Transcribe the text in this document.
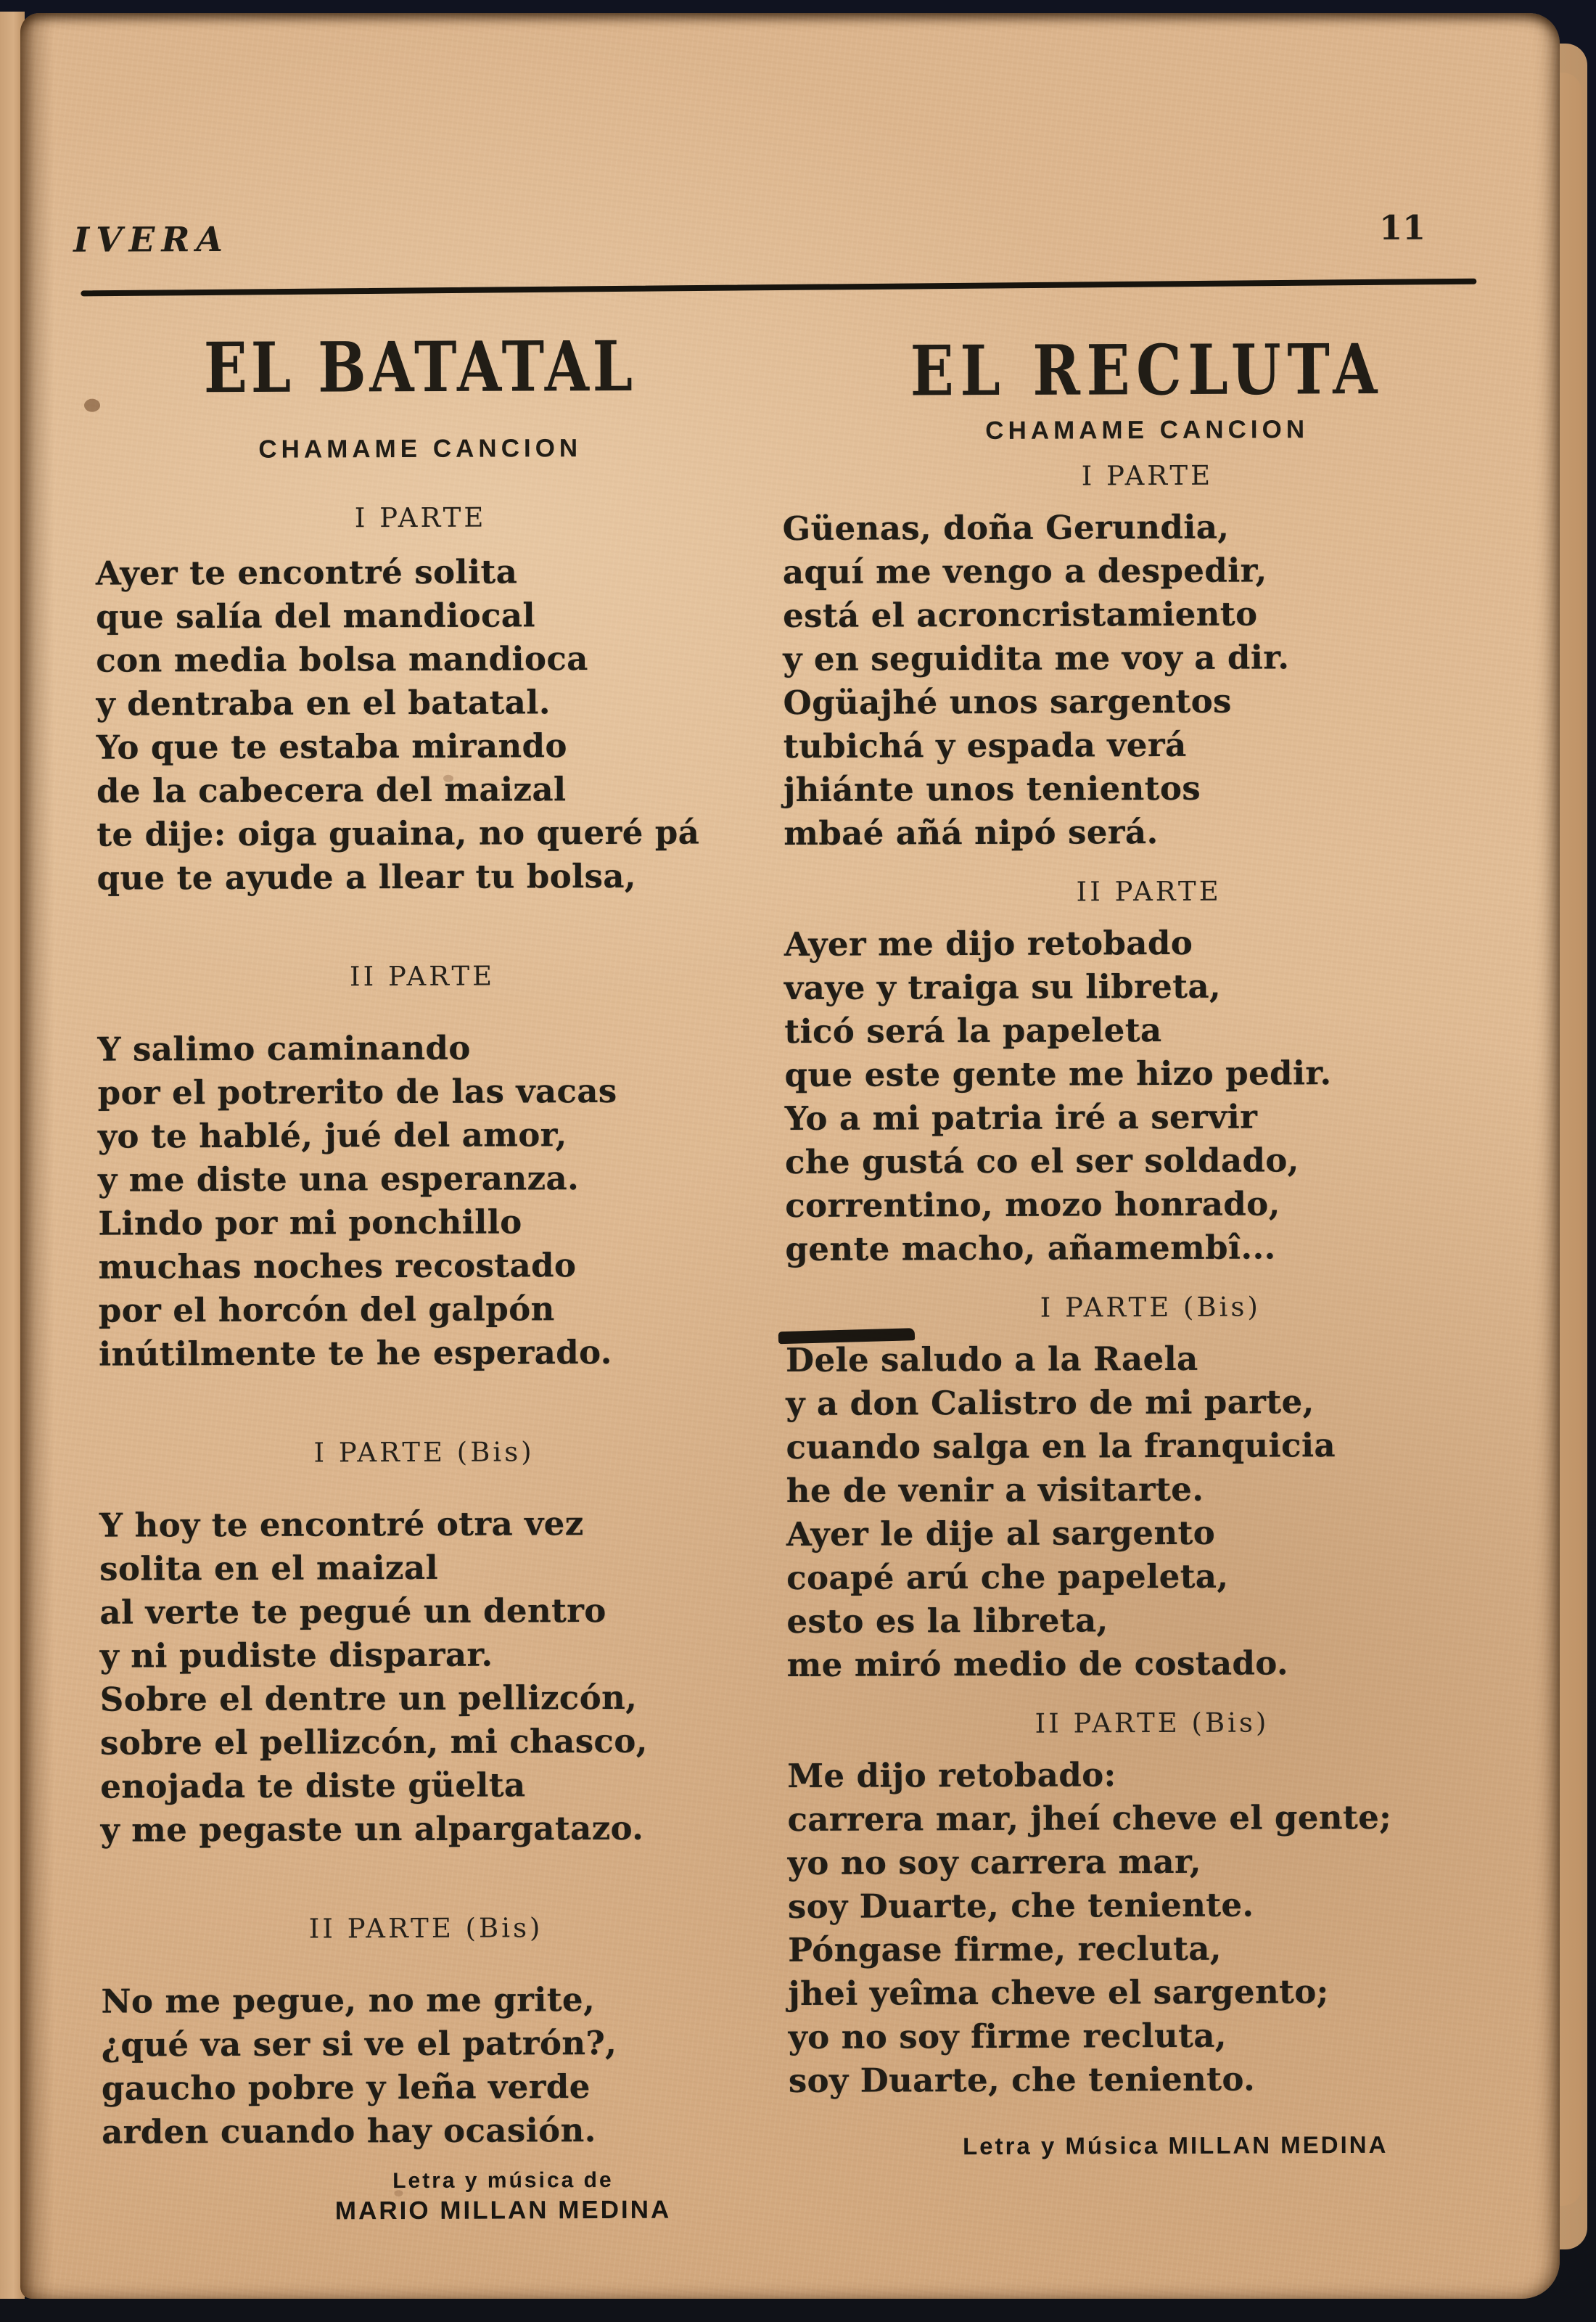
IVERA	11
EL BATATAL
CHAMAME CANCION
I PARTE
Ayer te encontré solita
que salía del mandiocal
con media bolsa mandioca
y dentraba en el batatal.
Yo que te estaba mirando
de la cabecera del maizal
te dije: oiga guaina, no queré pá
que te ayude a llear tu bolsa,
II PARTE
Y salimo caminando
por el potrerito de las vacas
yo te hablé, jué del amor,
y me diste una esperanza.
Lindo por mi ponchillo
muchas noches recostado
por el horcón del galpón
inútilmente te he esperado.
I PARTE (Bis)
Y hoy te encontré otra vez
solita en el maizal
al verte te pegué un dentro
y ni pudiste disparar.
Sobre el dentre un pellizcón,
sobre el pellizcón, mi chasco,
enojada te diste güelta
y me pegaste un alpargatazo.
II PARTE (Bis)
No me pegue, no me grite,
¿qué va ser si ve el patrón?,
gaucho pobre y leña verde
arden cuando hay ocasión.
Letra y música de
MARIO MILLAN MEDINA
EL RECLUTA
CHAMAME CANCION
I PARTE
Güenas, doña Gerundia,
aquí me vengo a despedir,
está el acroncristamiento
y en seguidita me voy a dir.
Ogüajhé unos sargentos
tubichá y espada verá
jhiánte unos tenientos
mbaé añá nipó será.
II PARTE
Ayer me dijo retobado
vaye y traiga su libreta,
ticó será la papeleta
que este gente me hizo pedir.
Yo a mi patria iré a servir
che gustá co el ser soldado,
correntino, mozo honrado,
gente macho, añamembî...
I PARTE (Bis)
Dele saludo a la Raela
y a don Calistro de mi parte,
cuando salga en la franquicia
he de venir a visitarte.
Ayer le dije al sargento
coapé arú che papeleta,
esto es la libreta,
me miró medio de costado.
II PARTE (Bis)
Me dijo retobado:
carrera mar, jheí cheve el gente;
yo no soy carrera mar,
soy Duarte, che teniente.
Póngase firme, recluta,
jhei yeîma cheve el sargento;
yo no soy firme recluta,
soy Duarte, che teniento.
Letra y Música MILLAN MEDINA
